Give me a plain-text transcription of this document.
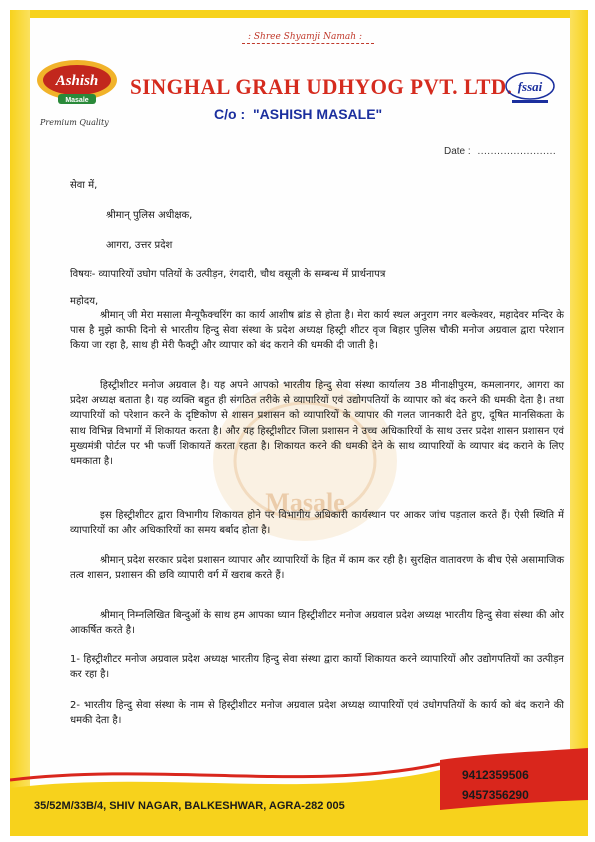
Masale
: Shree Shyamji Namah :
Ashish
Masale
Premium Quality
SINGHAL GRAH UDHYOG PVT. LTD.
C/o : "ASHISH MASALE"
fssai
Date : ........................
सेवा में,
श्रीमान् पुलिस अधीक्षक,
आगरा, उत्तर प्रदेश
विषयः- व्यापारियों उघोग पतियों के उत्पीड़न, रंगदारी, चौथ वसूली के सम्बन्ध में प्रार्थनापत्र
महोदय,
श्रीमान् जी मेरा मसाला मैन्यूफैक्चरिंग का कार्य आशीष ब्रांड से होता है। मेरा कार्य स्थल अनुराग नगर बल्केश्वर, महादेवर मन्दिर के पास है मुझे काफी दिनो से भारतीय हिन्दु सेवा संस्था के प्रदेश अध्यक्ष हिस्ट्री शीटर वृज बिहार पुलिस चौकी मनोज अग्रवाल द्वारा परेशान किया जा रहा है, साथ ही मेरी फैक्ट्री और व्यापार को बंद कराने की धमकी दी जाती है।
हिस्ट्रीशीटर मनोज अग्रवाल है। यह अपने आपको भारतीय हिन्दु सेवा संस्था कार्यालय 38 मीनाक्षीपुरम, कमलानगर, आगरा का प्रदेश अध्यक्ष बताता है। यह व्यक्ति बहुत ही संगठित तरीके से व्यापारियों एवं उद्योगपतियों के व्यापार को बंद करने की धमकी देता है। तथा व्यापारियों को परेशान करने के दृष्टिकोण से शासन प्रशासन को व्यापारियों के व्यापार की गलत जानकारी देते हुए, दूषित मानसिकता के साथ विभिन्न विभागों में शिकायत करता है। और यह हिस्ट्रीशीटर जिला प्रशासन ने उच्च अधिकारियों के साथ उत्तर प्रदेश शासन प्रशासन एवं मुख्यमंत्री पोर्टल पर भी फर्जी शिकायतें करता रहता है। शिकायत करने की धमकी देने के साथ व्यापारियों के व्यापार बंद कराने के लिए धमकाता है।
इस हिस्ट्रीशीटर द्वारा विभागीय शिकायत होने पर विभागीय अधिकारी कार्यस्थान पर आकर जांच पड़ताल करते हैं। ऐसी स्थिति में व्यापारियों का और अधिकारियों का समय बर्बाद होता है।
श्रीमान् प्रदेश सरकार प्रदेश प्रशासन व्यापार और व्यापारियों के हित में काम कर रही है। सुरक्षित वातावरण के बीच ऐसे असामाजिक तत्व शासन, प्रशासन की छवि व्यापारी वर्ग में खराब करते हैं।
श्रीमान् निम्नलिखित बिन्दुओं के साथ हम आपका ध्यान हिस्ट्रीशीटर मनोज अग्रवाल प्रदेश अध्यक्ष भारतीय हिन्दु सेवा संस्था की ओर आकर्षित करते है।
1- हिस्ट्रीशीटर मनोज अग्रवाल प्रदेश अध्यक्ष भारतीय हिन्दु सेवा संस्था द्वारा कार्यो शिकायत करने व्यापारियों और उद्योगपतियों का उत्पीड़न कर रहा है।
2- भारतीय हिन्दु सेवा संस्था के नाम से हिस्ट्रीशीटर मनोज अग्रवाल प्रदेश अध्यक्ष व्यापारियों एवं उधोगपतियों के कार्य को बंद कराने की धमकी देता है।
9412359506
9457356290
35/52M/33B/4, SHIV NAGAR, BALKESHWAR, AGRA-282 005
